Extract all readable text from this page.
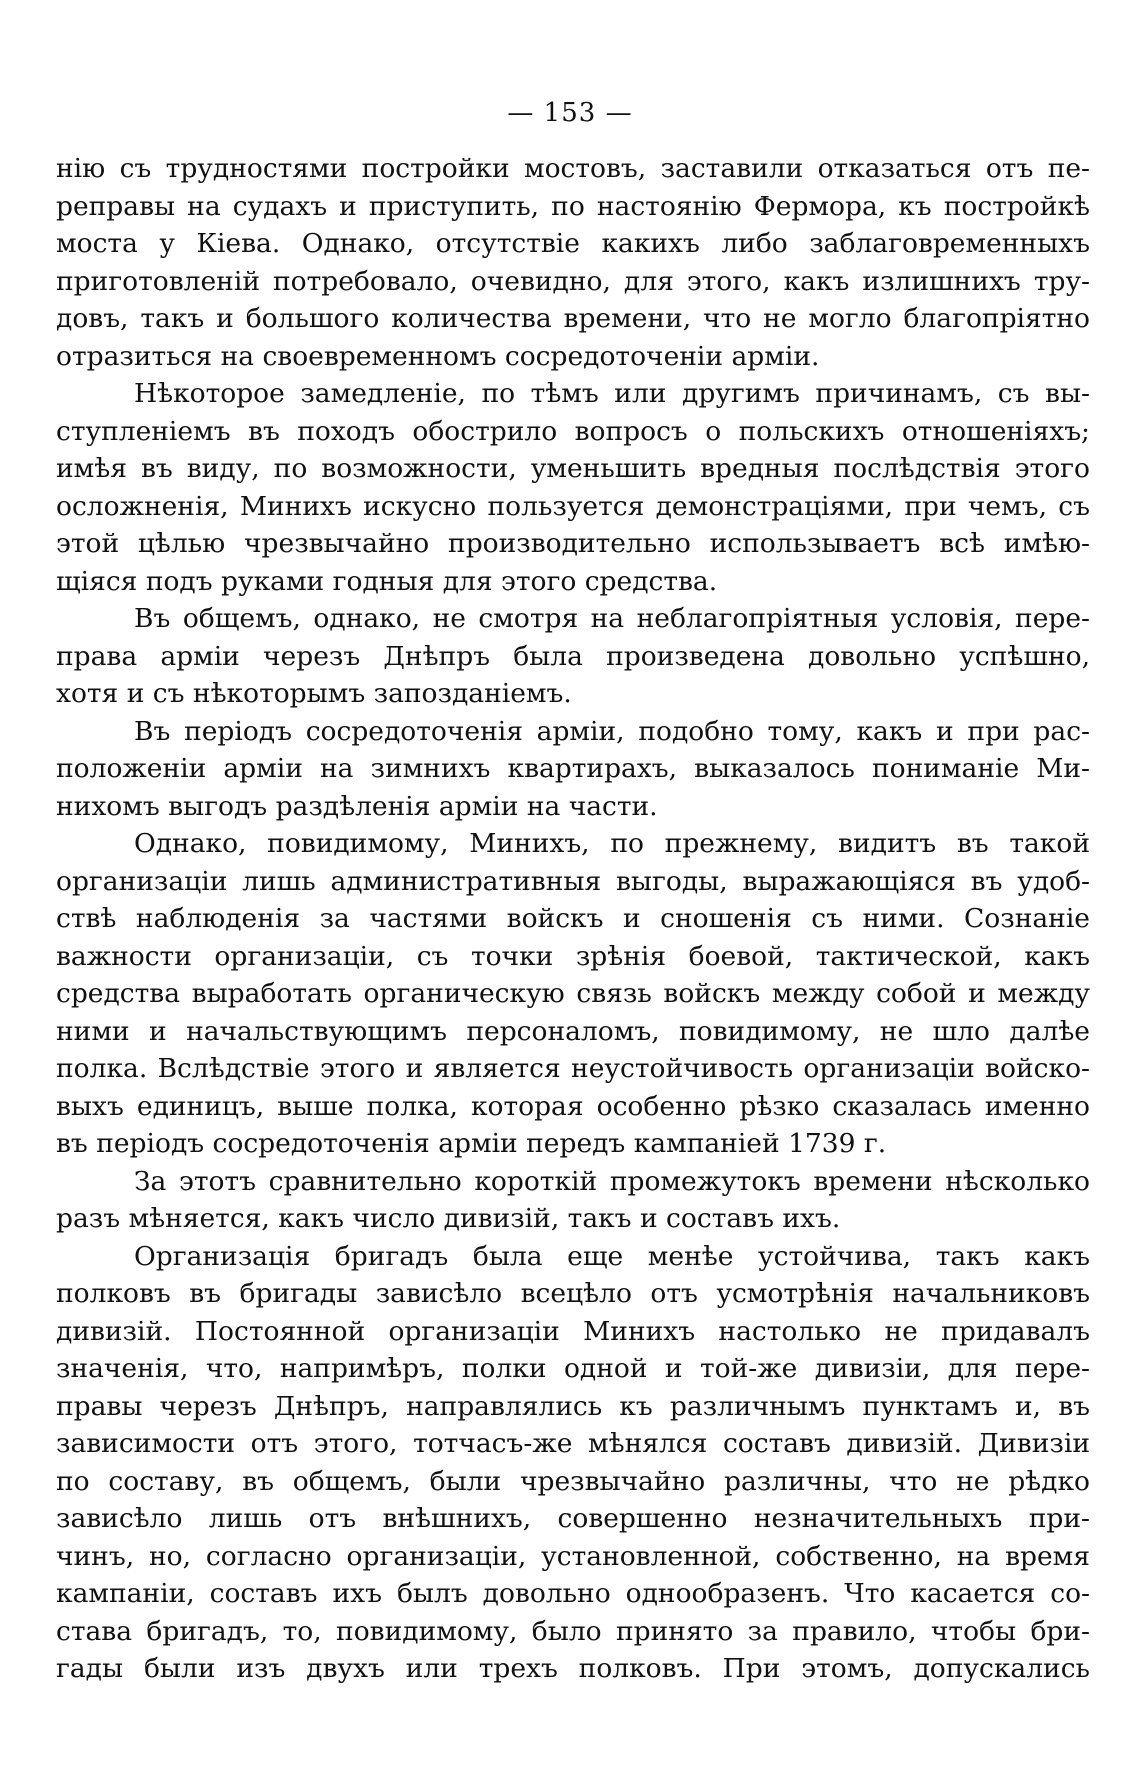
— 153 —
нію съ трудностями постройки мостовъ, заставили отказаться отъ пе-
реправы на судахъ и приступить, по настоянію Фермора, къ постройкѣ
моста у Кіева. Однако, отсутствіе какихъ либо заблаговременныхъ
приготовленій потребовало, очевидно, для этого, какъ излишнихъ тру-
довъ, такъ и большого количества времени, что не могло благопріятно
отразиться на своевременномъ сосредоточеніи арміи.
Нѣкоторое замедленіе, по тѣмъ или другимъ причинамъ, съ вы-
ступленіемъ въ походъ обострило вопросъ о польскихъ отношеніяхъ;
имѣя въ виду, по возможности, уменьшить вредныя послѣдствія этого
осложненія, Минихъ искусно пользуется демонстраціями, при чемъ, съ
этой цѣлью чрезвычайно производительно использываетъ всѣ имѣю-
щіяся подъ руками годныя для этого средства.
Въ общемъ, однако, не смотря на неблагопріятныя условія, пере-
права арміи черезъ Днѣпръ была произведена довольно успѣшно,
хотя и съ нѣкоторымъ запозданіемъ.
Въ періодъ сосредоточенія арміи, подобно тому, какъ и при рас-
положеніи арміи на зимнихъ квартирахъ, выказалось пониманіе Ми-
нихомъ выгодъ раздѣленія арміи на части.
Однако, повидимому, Минихъ, по прежнему, видитъ въ такой
организаціи лишь административныя выгоды, выражающіяся въ удоб-
ствѣ наблюденія за частями войскъ и сношенія съ ними. Сознаніе
важности организаціи, съ точки зрѣнія боевой, тактической, какъ
средства выработать органическую связь войскъ между собой и между
ними и начальствующимъ персоналомъ, повидимому, не шло далѣе
полка. Вслѣдствіе этого и является неустойчивость организаціи войско-
выхъ единицъ, выше полка, которая особенно рѣзко сказалась именно
въ періодъ сосредоточенія арміи передъ кампаніей 1739 г.
За этотъ сравнительно короткій промежутокъ времени нѣсколько
разъ мѣняется, какъ число дивизій, такъ и составъ ихъ.
Организація бригадъ была еще менѣе устойчива, такъ какъ
полковъ въ бригады зависѣло всецѣло отъ усмотрѣнія начальниковъ
дивизій. Постоянной организаціи Минихъ настолько не придавалъ
значенія, что, напримѣръ, полки одной и той-же дивизіи, для пере-
правы черезъ Днѣпръ, направлялись къ различнымъ пунктамъ и, въ
зависимости отъ этого, тотчасъ-же мѣнялся составъ дивизій. Дивизіи
по составу, въ общемъ, были чрезвычайно различны, что не рѣдко
зависѣло лишь отъ внѣшнихъ, совершенно незначительныхъ при-
чинъ, но, согласно организаціи, установленной, собственно, на время
кампаніи, составъ ихъ былъ довольно однообразенъ. Что касается со-
става бригадъ, то, повидимому, было принято за правило, чтобы бри-
гады были изъ двухъ или трехъ полковъ. При этомъ, допускались
